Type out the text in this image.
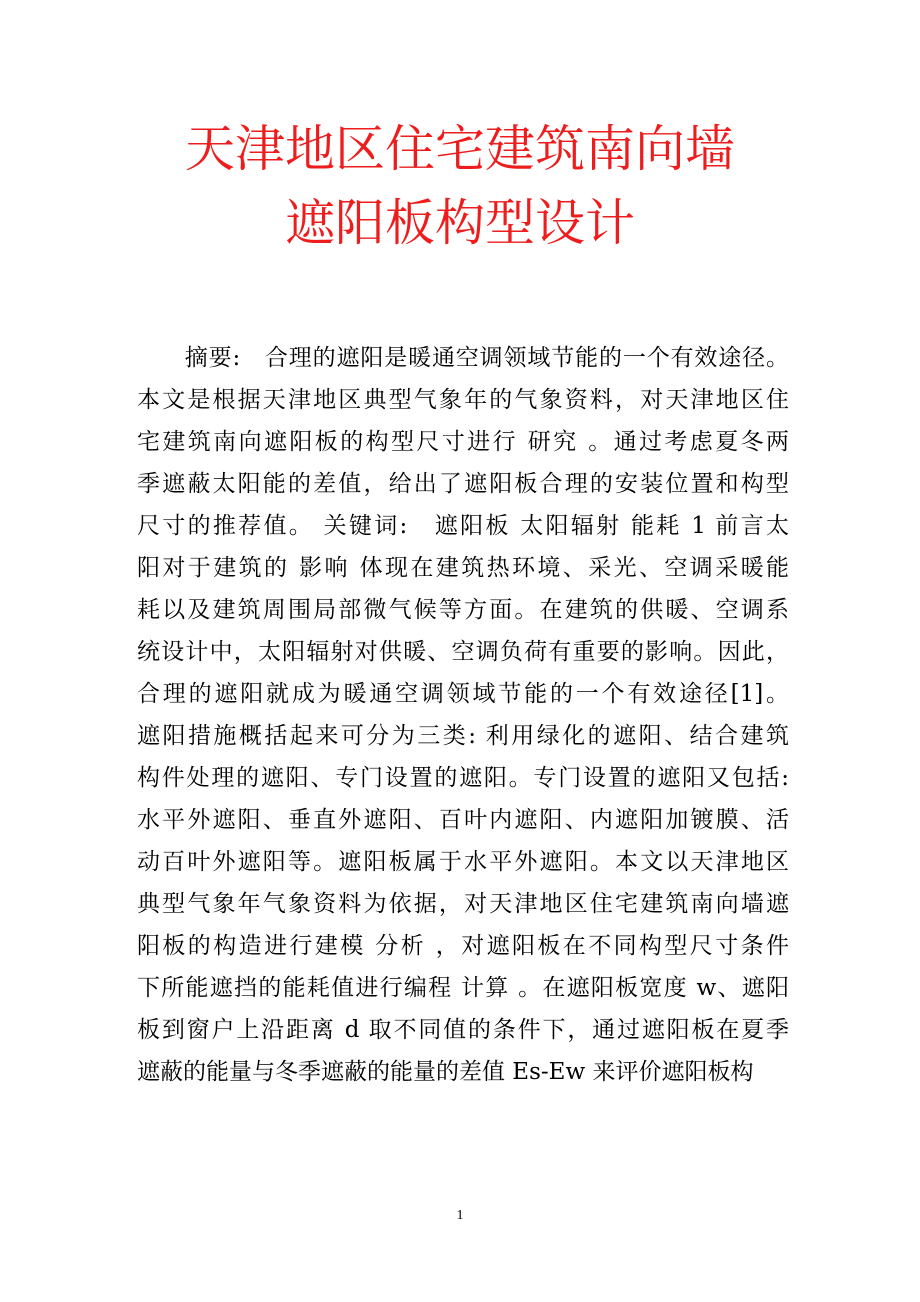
天津地区住宅建筑南向墙
遮阳板构型设计
　　摘要:　合理的遮阳是暖通空调领域节能的一个有效途径。
本文是根据天津地区典型气象年的气象资料，对天津地区住
宅建筑南向遮阳板的构型尺寸进行 研究 。通过考虑夏冬两
季遮蔽太阳能的差值，给出了遮阳板合理的安装位置和构型
尺寸的推荐值。 关键词:　遮阳板 太阳辐射 能耗 1 前言太
阳对于建筑的 影响 体现在建筑热环境、采光、空调采暖能
耗以及建筑周围局部微气候等方面。在建筑的供暖、空调系
统设计中，太阳辐射对供暖、空调负荷有重要的影响。因此，
合理的遮阳就成为暖通空调领域节能的一个有效途径[1]。
遮阳措施概括起来可分为三类: 利用绿化的遮阳、结合建筑
构件处理的遮阳、专门设置的遮阳。专门设置的遮阳又包括:
水平外遮阳、垂直外遮阳、百叶内遮阳、内遮阳加镀膜、活
动百叶外遮阳等。遮阳板属于水平外遮阳。本文以天津地区
典型气象年气象资料为依据，对天津地区住宅建筑南向墙遮
阳板的构造进行建模 分析 ，对遮阳板在不同构型尺寸条件
下所能遮挡的能耗值进行编程 计算 。在遮阳板宽度 w、遮阳
板到窗户上沿距离 d 取不同值的条件下，通过遮阳板在夏季
遮蔽的能量与冬季遮蔽的能量的差值 Es-Ew 来评价遮阳板构
1
